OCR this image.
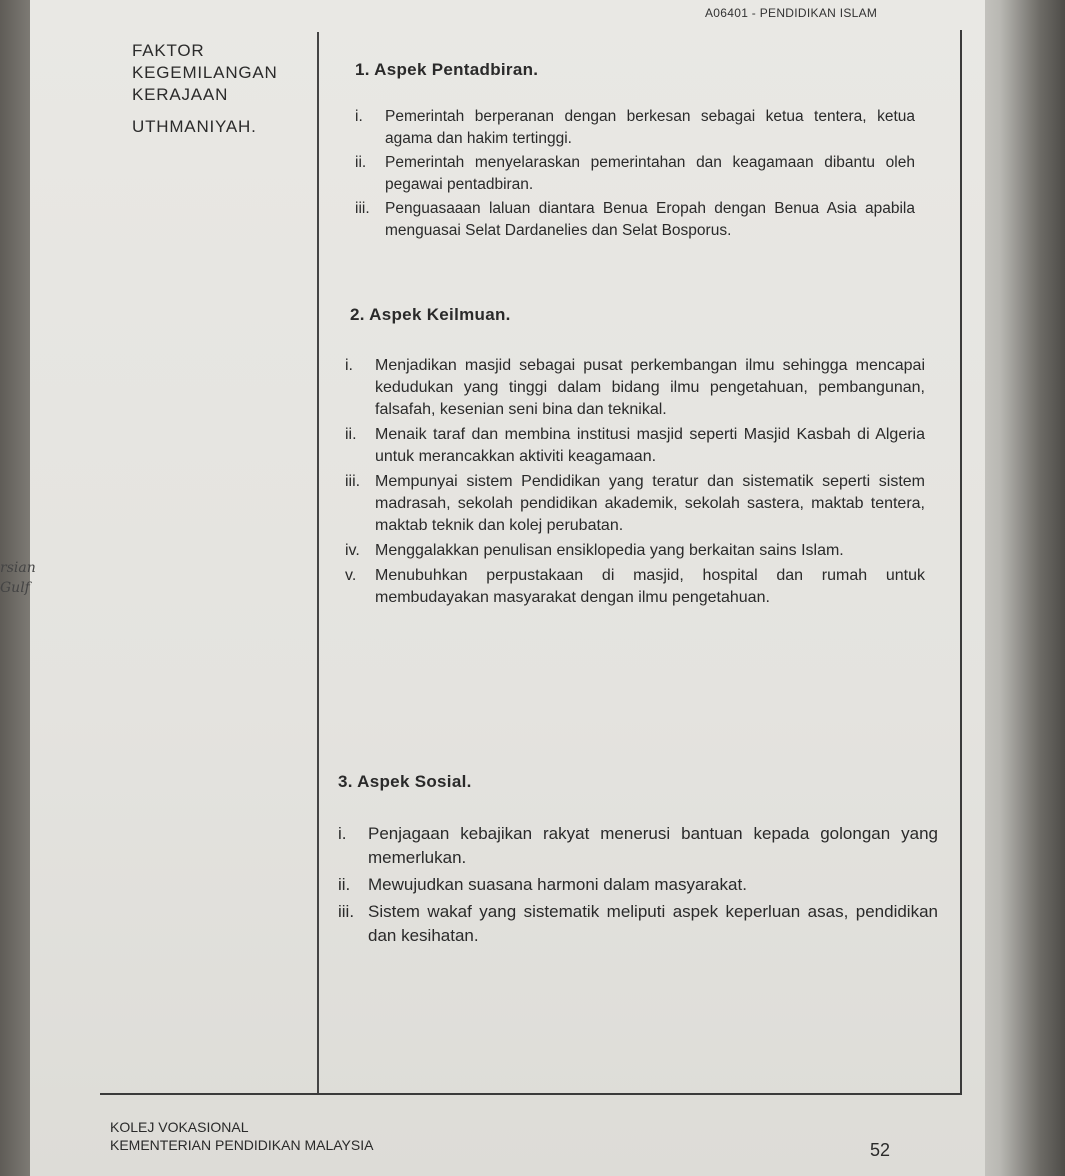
A06401 - PENDIDIKAN ISLAM
FAKTOR
KEGEMILANGAN
KERAJAAN
UTHMANIYAH.

1. Aspek Pentadbiran.

i.	Pemerintah berperanan dengan berkesan sebagai ketua tentera, ketua agama dan hakim tertinggi.

ii.	Pemerintah menyelaraskan pemerintahan dan keagamaan dibantu oleh pegawai pentadbiran.

iii. Penguasaaan laluan diantara Benua Eropah dengan Benua Asia apabila menguasai Selat Dardanelies dan Selat Bosporus.

2. Aspek Keilmuan.

i.	Menjadikan masjid sebagai pusat perkembangan ilmu sehingga mencapai kedudukan yang tinggi dalam bidang ilmu pengetahuan, pembangunan, falsafah, kesenian seni bina dan teknikal.

ii.	Menaik taraf dan membina institusi masjid seperti Masjid Kasbah di Algeria untuk merancakkan aktiviti keagamaan.

iii. Mempunyai sistem Pendidikan yang teratur dan sistematik seperti sistem madrasah, sekolah pendidikan akademik, sekolah sastera, maktab tentera, maktab teknik dan kolej perubatan.

iv. Menggalakkan penulisan ensiklopedia yang berkaitan sains Islam.

v.	Menubuhkan perpustakaan di masjid, hospital dan rumah untuk membudayakan masyarakat dengan ilmu pengetahuan.

3. Aspek Sosial.

i.	Penjagaan kebajikan rakyat menerusi bantuan kepada golongan yang memerlukan.

ii.	Mewujudkan suasana harmoni dalam masyarakat.

iii. Sistem wakaf yang sistematik meliputi aspek keperluan asas, pendidikan dan kesihatan.

KOLEJ VOKASIONAL
KEMENTERIAN PENDIDIKAN MALAYSIA	52
rsian
Gulf
